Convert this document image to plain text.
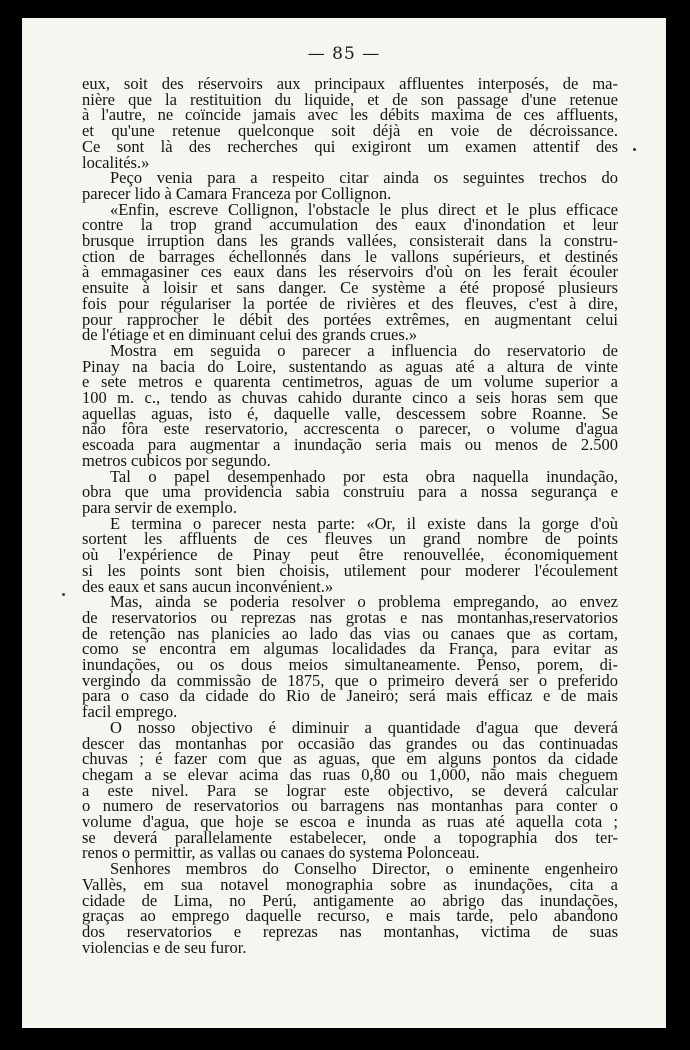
— 85 —
eux, soit des réservoirs aux principaux affluentes interposés, de ma-
nière que la restituition du liquide, et de son passage d'une retenue
à l'autre, ne coïncide jamais avec les débits maxima de ces affluents,
et qu'une retenue quelconque soit déjà en voie de décroissance.
Ce sont là des recherches qui exigiront um examen attentif des
localités.»
Peço venia para a respeito citar ainda os seguintes trechos do
parecer lido à Camara Franceza por Collignon.
«Enfin, escreve Collignon, l'obstacle le plus direct et le plus efficace
contre la trop grand accumulation des eaux d'inondation et leur
brusque irruption dans les grands vallées, consisterait dans la constru-
ction de barrages échellonnés dans le vallons supérieurs, et destinés
à emmagasiner ces eaux dans les réservoirs d'où on les ferait écouler
ensuite à loisir et sans danger. Ce système a été proposé plusieurs
fois pour régulariser la portée de rivières et des fleuves, c'est à dire,
pour rapprocher le débit des portées extrêmes, en augmentant celui
de l'étiage et en diminuant celui des grands crues.»
Mostra em seguida o parecer a influencia do reservatorio de
Pinay na bacia do Loire, sustentando as aguas até a altura de vinte
e sete metros e quarenta centimetros, aguas de um volume superior a
100 m. c., tendo as chuvas cahido durante cinco a seis horas sem que
aquellas aguas, isto é, daquelle valle, descessem sobre Roanne. Se
não fôra este reservatorio, accrescenta o parecer, o volume d'agua
escoada para augmentar a inundação seria mais ou menos de 2.500
metros cubicos por segundo.
Tal o papel desempenhado por esta obra naquella inundação,
obra que uma providencia sabia construiu para a nossa segurança e
para servir de exemplo.
E termina o parecer nesta parte: «Or, il existe dans la gorge d'où
sortent les affluents de ces fleuves un grand nombre de points
où l'expérience de Pinay peut être renouvellée, économiquement
si les points sont bien choisis, utilement pour moderer l'écoulement
des eaux et sans aucun inconvénient.»
Mas, ainda se poderia resolver o problema empregando, ao envez
de reservatorios ou reprezas nas grotas e nas montanhas,reservatorios
de retenção nas planicies ao lado das vias ou canaes que as cortam,
como se encontra em algumas localidades da França, para evitar as
inundações, ou os dous meios simultaneamente. Penso, porem, di-
vergindo da commissão de 1875, que o primeiro deverá ser o preferido
para o caso da cidade do Rio de Janeiro; será mais efficaz e de mais
facil emprego.
O nosso objectivo é diminuir a quantidade d'agua que deverá
descer das montanhas por occasião das grandes ou das continuadas
chuvas ; é fazer com que as aguas, que em alguns pontos da cidade
chegam a se elevar acima das ruas 0,80 ou 1,000, não mais cheguem
a este nivel. Para se lograr este objectivo, se deverá calcular
o numero de reservatorios ou barragens nas montanhas para conter o
volume d'agua, que hoje se escoa e inunda as ruas até aquella cota ;
se deverá parallelamente estabelecer, onde a topographia dos ter-
renos o permittir, as vallas ou canaes do systema Polonceau.
Senhores membros do Conselho Director, o eminente engenheiro
Vallès, em sua notavel monographia sobre as inundações, cita a
cidade de Lima, no Perú, antigamente ao abrigo das inundações,
graças ao emprego daquelle recurso, e mais tarde, pelo abandono
dos reservatorios e reprezas nas montanhas, victima de suas
violencias e de seu furor.
